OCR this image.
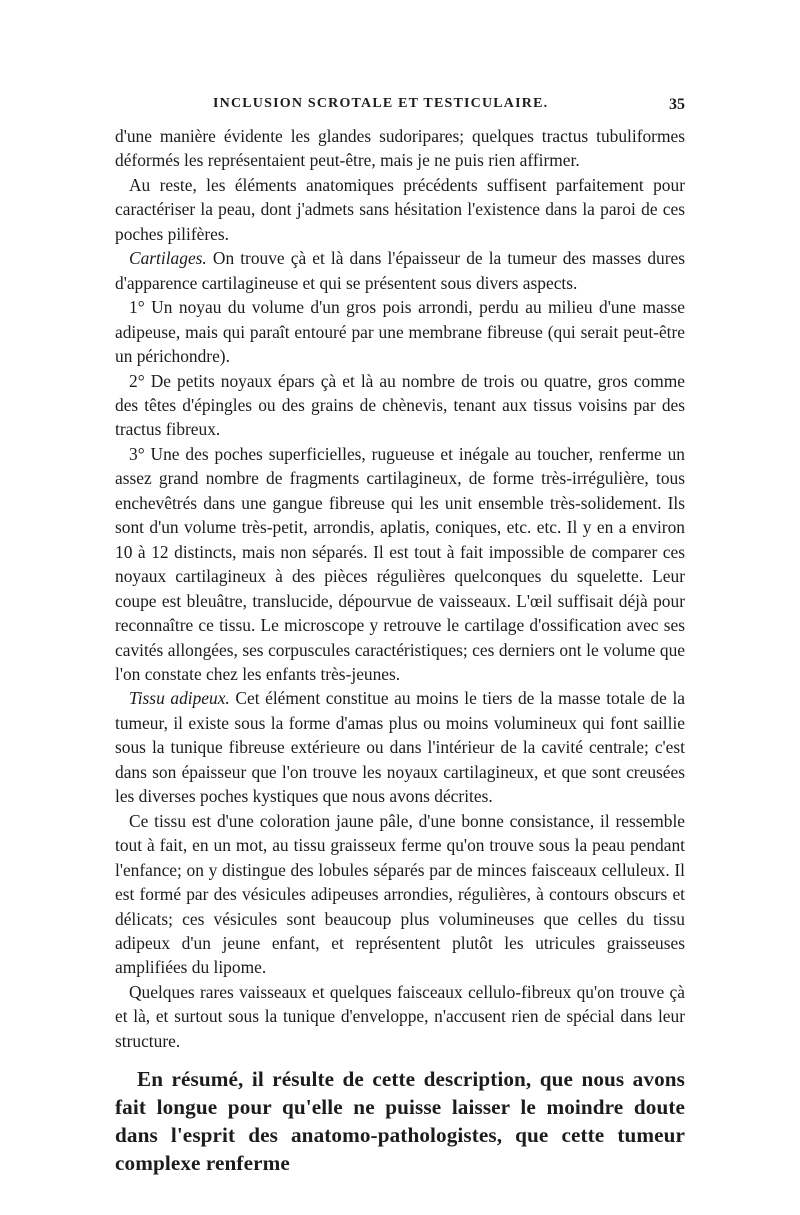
INCLUSION SCROTALE ET TESTICULAIRE.	35

d'une manière évidente les glandes sudoripares; quelques tractus tubuliformes déformés les représentaient peut-être, mais je ne puis rien affirmer.

Au reste, les éléments anatomiques précédents suffisent parfaitement pour caractériser la peau, dont j'admets sans hésitation l'existence dans la paroi de ces poches pilifères.

Cartilages. On trouve çà et là dans l'épaisseur de la tumeur des masses dures d'apparence cartilagineuse et qui se présentent sous divers aspects.

1° Un noyau du volume d'un gros pois arrondi, perdu au milieu d'une masse adipeuse, mais qui paraît entouré par une membrane fibreuse (qui serait peut-être un périchondre).

2° De petits noyaux épars çà et là au nombre de trois ou quatre, gros comme des têtes d'épingles ou des grains de chènevis, tenant aux tissus voisins par des tractus fibreux.

3° Une des poches superficielles, rugueuse et inégale au toucher, renferme un assez grand nombre de fragments cartilagineux, de forme très-irrégulière, tous enchevêtrés dans une gangue fibreuse qui les unit ensemble très-solidement. Ils sont d'un volume très-petit, arrondis, aplatis, coniques, etc. etc. Il y en a environ 10 à 12 distincts, mais non séparés. Il est tout à fait impossible de comparer ces noyaux cartilagineux à des pièces régulières quelconques du squelette. Leur coupe est bleuâtre, translucide, dépourvue de vaisseaux. L'œil suffisait déjà pour reconnaître ce tissu. Le microscope y retrouve le cartilage d'ossification avec ses cavités allongées, ses corpuscules caractéristiques; ces derniers ont le volume que l'on constate chez les enfants très-jeunes.

Tissu adipeux. Cet élément constitue au moins le tiers de la masse totale de la tumeur, il existe sous la forme d'amas plus ou moins volumineux qui font saillie sous la tunique fibreuse extérieure ou dans l'intérieur de la cavité centrale; c'est dans son épaisseur que l'on trouve les noyaux cartilagineux, et que sont creusées les diverses poches kystiques que nous avons décrites.

Ce tissu est d'une coloration jaune pâle, d'une bonne consistance, il ressemble tout à fait, en un mot, au tissu graisseux ferme qu'on trouve sous la peau pendant l'enfance; on y distingue des lobules séparés par de minces faisceaux celluleux. Il est formé par des vésicules adipeuses arrondies, régulières, à contours obscurs et délicats; ces vésicules sont beaucoup plus volumineuses que celles du tissu adipeux d'un jeune enfant, et représentent plutôt les utricules graisseuses amplifiées du lipome.

Quelques rares vaisseaux et quelques faisceaux cellulo-fibreux qu'on trouve çà et là, et surtout sous la tunique d'enveloppe, n'accusent rien de spécial dans leur structure.

En résumé, il résulte de cette description, que nous avons fait longue pour qu'elle ne puisse laisser le moindre doute dans l'esprit des anatomo-pathologistes, que cette tumeur complexe renferme
